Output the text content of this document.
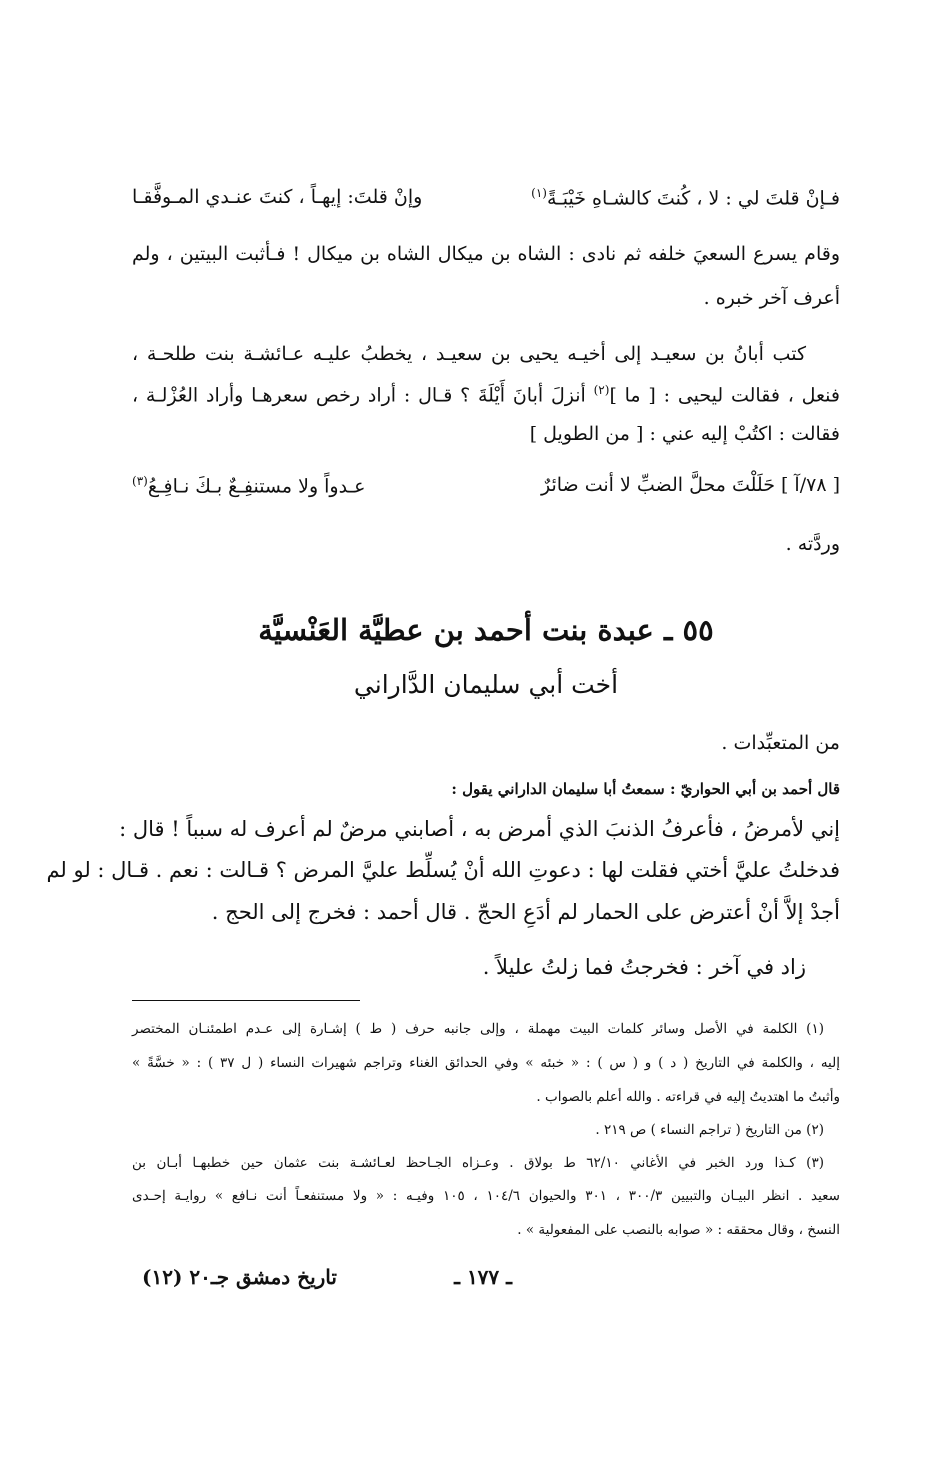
فـإنْ قلتَ لي : لا ، كُنتَ كالشـاهِ خَيْبَـةً$^{(١)}$
وإنْ قلتَ: إيهـاً ، كنتَ عنـدي المـوفَّقـا
وقام يسرع السعيَ خلفه ثم نادى : الشاه بن ميكال الشاه بن ميكال ! فـأثبت البيتين ، ولم
أعرف آخر خبره .
كتب أبانُ بن سعيـد إلى أخيـه يحيى بن سعيـد ، يخطبُ عليـه عـائشـة بنت طلحـة ،
فنعل ، فقالت ليحيى : [ ما ]$^{(٢)}$ أنزلَ أبانَ أَيْلَةَ ؟ قـال : أراد رخص سعرهـا وأراد العُزْلـة ،
فقالت : اكتُبْ إليه عني : [ من الطويل ]
[ ٧٨/آ ] حَلَلْتَ محلَّ الضبِّ لا أنت ضائرٌ
عـدواً ولا مستنفِـعٌ بـكَ نـافِـعُ$^{(٣)}$
وردَّته .
٥٥ ـ عبدة بنت أحمد بن عطيَّة العَنْسيَّة
أخت أبي سليمان الدَّاراني
من المتعبِّدات .
قال أحمد بن أبي الحواريّ : سمعتُ أبا سليمان الداراني يقول :
إني لأمرضُ ، فأعرفُ الذنبَ الذي أمرض به ، أصابني مرضٌ لم أعرف له سبباً ! قال :
فدخلتُ عليَّ أختي فقلت لها : دعوتِ الله أنْ يُسلِّط عليَّ المرض ؟ قـالت : نعم . قـال : لو لم
أجدْ إلاَّ أنْ أعترض على الحمار لم أدَعِ الحجّ . قال أحمد : فخرج إلى الحج .
زاد في آخر : فخرجتُ فما زلتُ عليلاً .
(١) الكلمة في الأصل وسائر كلمات البيت مهملة ، وإلى جانبه حرف ( ط ) إشـارة إلى عـدم اطمئنـان المختصر
إليه ، والكلمة في التاريخ ( د ) و ( س ) : « خبئه » وفي الحدائق الغناء وتراجم شهيرات النساء ( ل ٣٧ ) : « خسَّةً »
وأثبتُ ما اهتديتُ إليه في قراءته . والله أعلم بالصواب .
(٢) من التاريخ ( تراجم النساء ) ص ٢١٩ .
(٣) كـذا ورد الخبر في الأغاني ٦٢/١٠ ط بولاق . وعـزاه الجـاحظ لعـائشـة بنت عثمان حين خطبهـا أبـان بن
سعيد . انظر البيـان والتبيين ٣٠٠/٣ ، ٣٠١ والحيوان ١٠٤/٦ ، ١٠٥ وفيـه : « ولا مستنفعـاً أنت نـافع » روايـة إحـدى
النسخ ، وقال محققه : « صوابه بالنصب على المفعولية » .
ـ ١٧٧ ـ
تاريخ دمشق جـ٢٠ (١٢)
